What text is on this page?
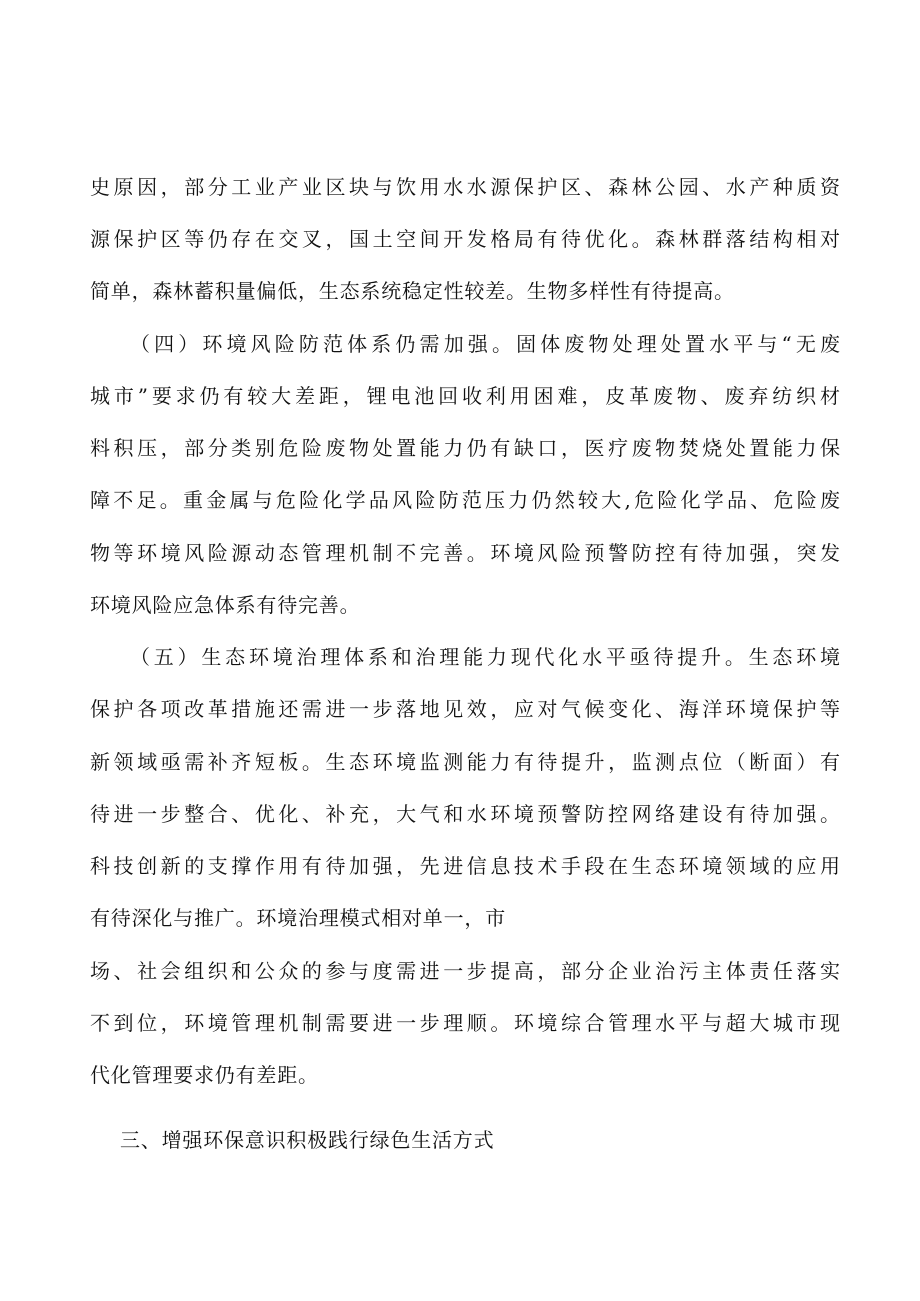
史原因，部分工业产业区块与饮用水水源保护区、森林公园、水产种质资
源保护区等仍存在交叉，国土空间开发格局有待优化。森林群落结构相对
简单，森林蓄积量偏低，生态系统稳定性较差。生物多样性有待提高。
（四）环境风险防范体系仍需加强。固体废物处理处置水平与“无废
城市”要求仍有较大差距，锂电池回收利用困难，皮革废物、废弃纺织材
料积压，部分类别危险废物处置能力仍有缺口，医疗废物焚烧处置能力保
障不足。重金属与危险化学品风险防范压力仍然较大,危险化学品、危险废
物等环境风险源动态管理机制不完善。环境风险预警防控有待加强，突发
环境风险应急体系有待完善。
（五）生态环境治理体系和治理能力现代化水平亟待提升。生态环境
保护各项改革措施还需进一步落地见效，应对气候变化、海洋环境保护等
新领域亟需补齐短板。生态环境监测能力有待提升，监测点位（断面）有
待进一步整合、优化、补充，大气和水环境预警防控网络建设有待加强。
科技创新的支撑作用有待加强，先进信息技术手段在生态环境领域的应用
有待深化与推广。环境治理模式相对单一，市
场、社会组织和公众的参与度需进一步提高，部分企业治污主体责任落实
不到位，环境管理机制需要进一步理顺。环境综合管理水平与超大城市现
代化管理要求仍有差距。
三、增强环保意识积极践行绿色生活方式
